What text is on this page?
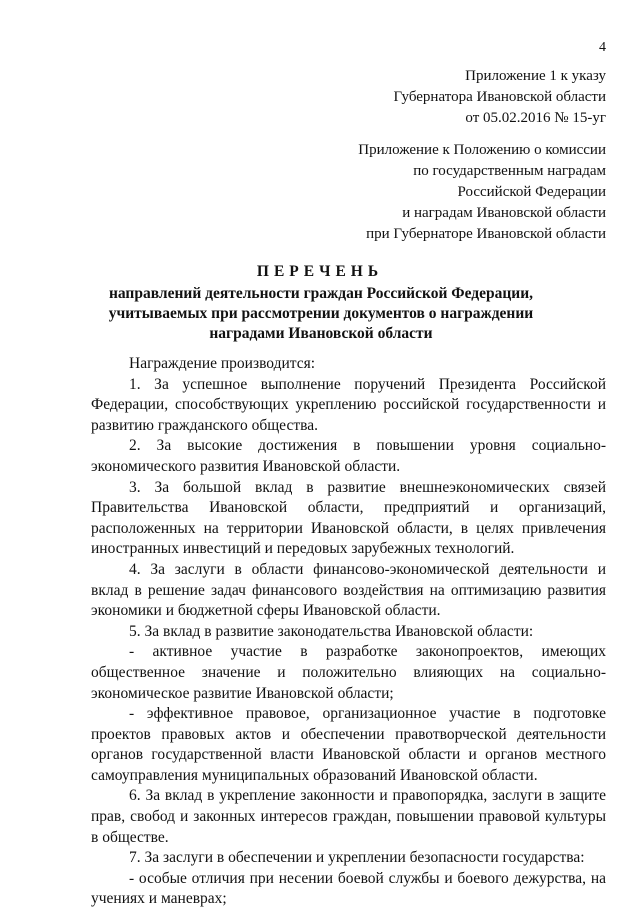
4
Приложение 1 к указу
Губернатора Ивановской области
от 05.02.2016 № 15-уг
Приложение к Положению о комиссии
по государственным наградам
Российской Федерации
и наградам Ивановской области
при Губернаторе Ивановской области
ПЕРЕЧЕНЬ
направлений деятельности граждан Российской Федерации,
учитываемых при рассмотрении документов о награждении
наградами Ивановской области

Награждение производится:

1. За успешное выполнение поручений Президента Российской Федерации, способствующих укреплению российской государственности и развитию гражданского общества.

2. За высокие достижения в повышении уровня социально-экономического развития Ивановской области.

3. За большой вклад в развитие внешнеэкономических связей Правительства Ивановской области, предприятий и организаций, расположенных на территории Ивановской области, в целях привлечения иностранных инвестиций и передовых зарубежных технологий.

4. За заслуги в области финансово-экономической деятельности и вклад в решение задач финансового воздействия на оптимизацию развития экономики и бюджетной сферы Ивановской области.

5. За вклад в развитие законодательства Ивановской области:

- активное участие в разработке законопроектов, имеющих общественное значение и положительно влияющих на социально-экономическое развитие Ивановской области;

- эффективное правовое, организационное участие в подготовке проектов правовых актов и обеспечении правотворческой деятельности органов государственной власти Ивановской области и органов местного самоуправления муниципальных образований Ивановской области.

6. За вклад в укрепление законности и правопорядка, заслуги в защите прав, свобод и законных интересов граждан, повышении правовой культуры в обществе.

7. За заслуги в обеспечении и укреплении безопасности государства:

- особые отличия при несении боевой службы и боевого дежурства, на учениях и маневрах;
